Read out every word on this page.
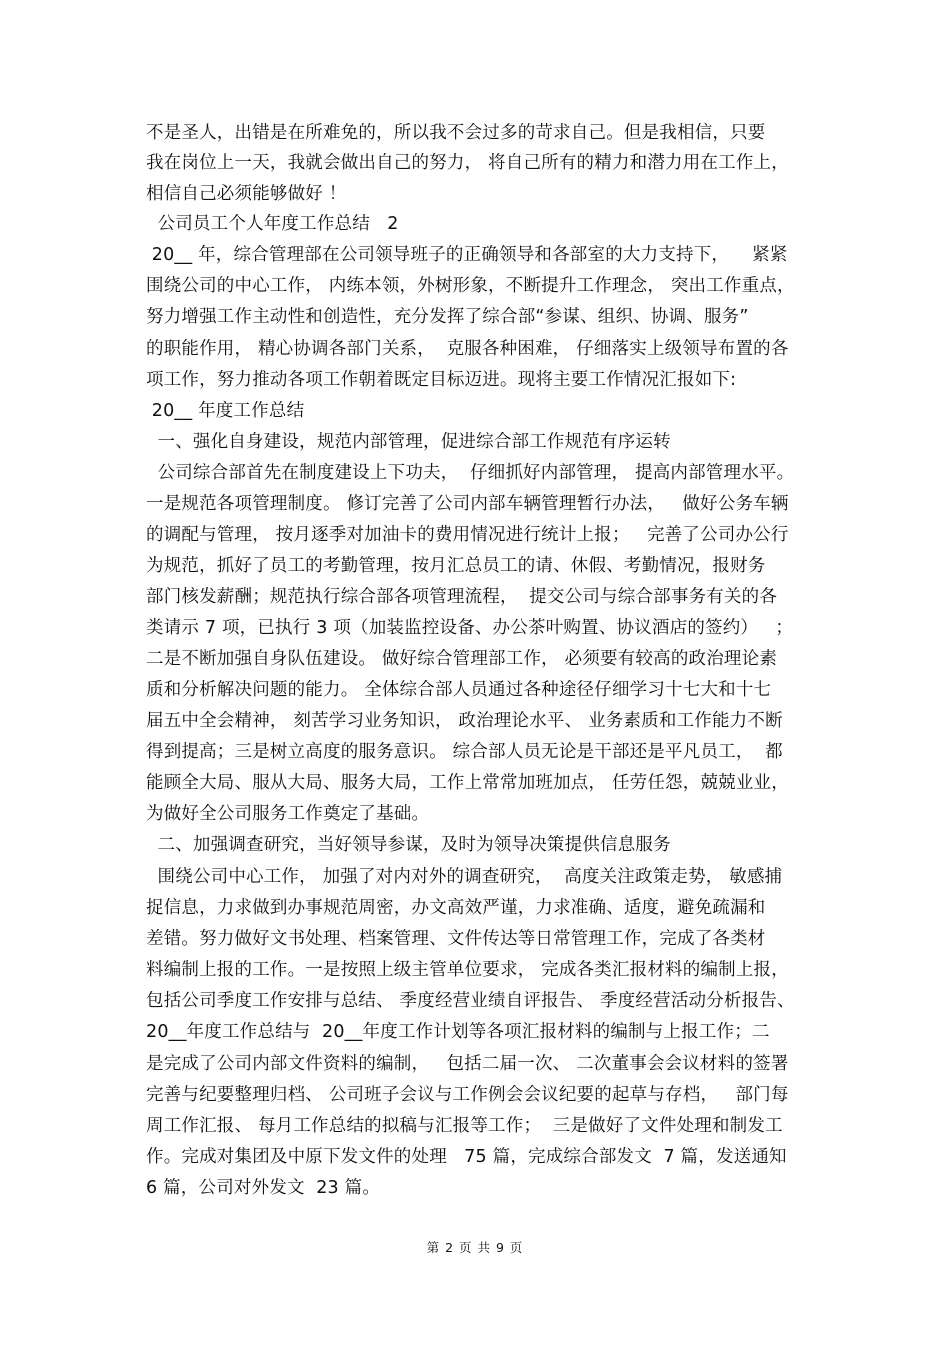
不是圣人，出错是在所难免的，所以我不会过多的苛求自己。但是我相信，只要
我在岗位上一天，我就会做出自己的努力， 将自己所有的精力和潜力用在工作上，
相信自己必须能够做好 ！
公司员工个人年度工作总结   2
20__ 年，综合管理部在公司领导班子的正确领导和各部室的大力支持下，    紧紧
围绕公司的中心工作， 内练本领，外树形象，不断提升工作理念， 突出工作重点，
努力增强工作主动性和创造性，充分发挥了综合部“参谋、组织、协调、服务”
的职能作用， 精心协调各部门关系，  克服各种困难， 仔细落实上级领导布置的各
项工作，努力推动各项工作朝着既定目标迈进。现将主要工作情况汇报如下:
20__ 年度工作总结
一、强化自身建设，规范内部管理，促进综合部工作规范有序运转
公司综合部首先在制度建设上下功夫，  仔细抓好内部管理， 提高内部管理水平。
一是规范各项管理制度。 修订完善了公司内部车辆管理暂行办法，   做好公务车辆
的调配与管理， 按月逐季对加油卡的费用情况进行统计上报；   完善了公司办公行
为规范，抓好了员工的考勤管理，按月汇总员工的请、休假、考勤情况，报财务
部门核发薪酬；规范执行综合部各项管理流程，  提交公司与综合部事务有关的各
类请示 7 项，已执行 3 项（加装监控设备、办公茶叶购置、协议酒店的签约）   ；
二是不断加强自身队伍建设。 做好综合管理部工作， 必须要有较高的政治理论素
质和分析解决问题的能力。 全体综合部人员通过各种途径仔细学习十七大和十七
届五中全会精神， 刻苦学习业务知识， 政治理论水平、 业务素质和工作能力不断
得到提高；三是树立高度的服务意识。 综合部人员无论是干部还是平凡员工，  都
能顾全大局、服从大局、服务大局，工作上常常加班加点， 任劳任怨，兢兢业业，
为做好全公司服务工作奠定了基础。
二、加强调查研究，当好领导参谋，及时为领导决策提供信息服务
围绕公司中心工作， 加强了对内对外的调查研究，  高度关注政策走势， 敏感捕
捉信息，力求做到办事规范周密，办文高效严谨，力求准确、适度，避免疏漏和
差错。努力做好文书处理、档案管理、文件传达等日常管理工作，完成了各类材
料编制上报的工作。一是按照上级主管单位要求， 完成各类汇报材料的编制上报，
包括公司季度工作安排与总结、 季度经营业绩自评报告、 季度经营活动分析报告、
20__年度工作总结与  20__年度工作计划等各项汇报材料的编制与上报工作；二
是完成了公司内部文件资料的编制，   包括二届一次、 二次董事会会议材料的签署
完善与纪要整理归档、 公司班子会议与工作例会会议纪要的起草与存档，   部门每
周工作汇报、 每月工作总结的拟稿与汇报等工作；  三是做好了文件处理和制发工
作。完成对集团及中原下发文件的处理   75 篇，完成综合部发文  7 篇，发送通知
6 篇，公司对外发文  23 篇。
第 2 页 共 9 页
